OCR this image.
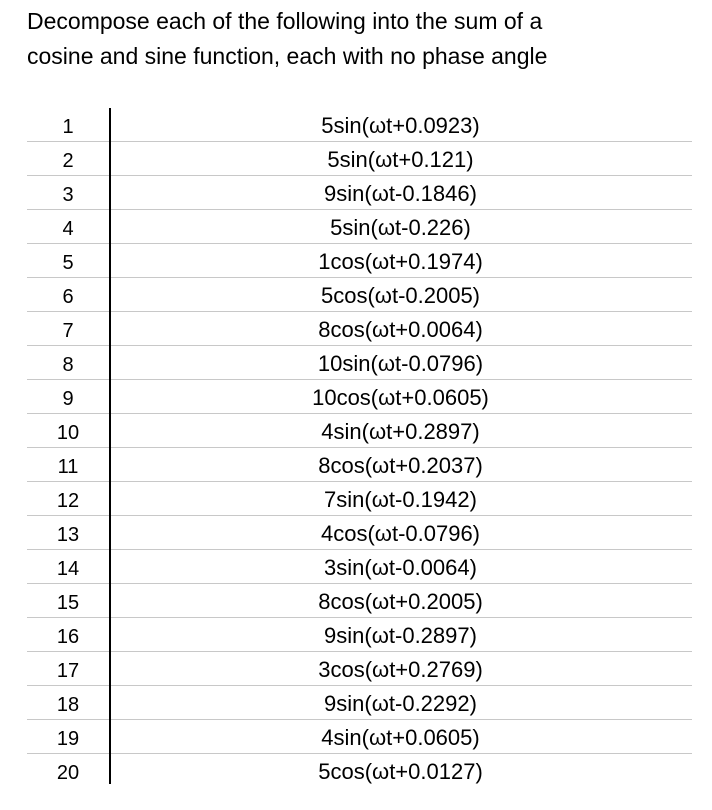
Decompose each of the following into the sum of a
cosine and sine function, each with no phase angle
1	5sin(ωt+0.0923)
2	5sin(ωt+0.121)
3	9sin(ωt-0.1846)
4	5sin(ωt-0.226)
5	1cos(ωt+0.1974)
6	5cos(ωt-0.2005)
7	8cos(ωt+0.0064)
8	10sin(ωt-0.0796)
9	10cos(ωt+0.0605)
10	4sin(ωt+0.2897)
11	8cos(ωt+0.2037)
12	7sin(ωt-0.1942)
13	4cos(ωt-0.0796)
14	3sin(ωt-0.0064)
15	8cos(ωt+0.2005)
16	9sin(ωt-0.2897)
17	3cos(ωt+0.2769)
18	9sin(ωt-0.2292)
19	4sin(ωt+0.0605)
20	5cos(ωt+0.0127)
